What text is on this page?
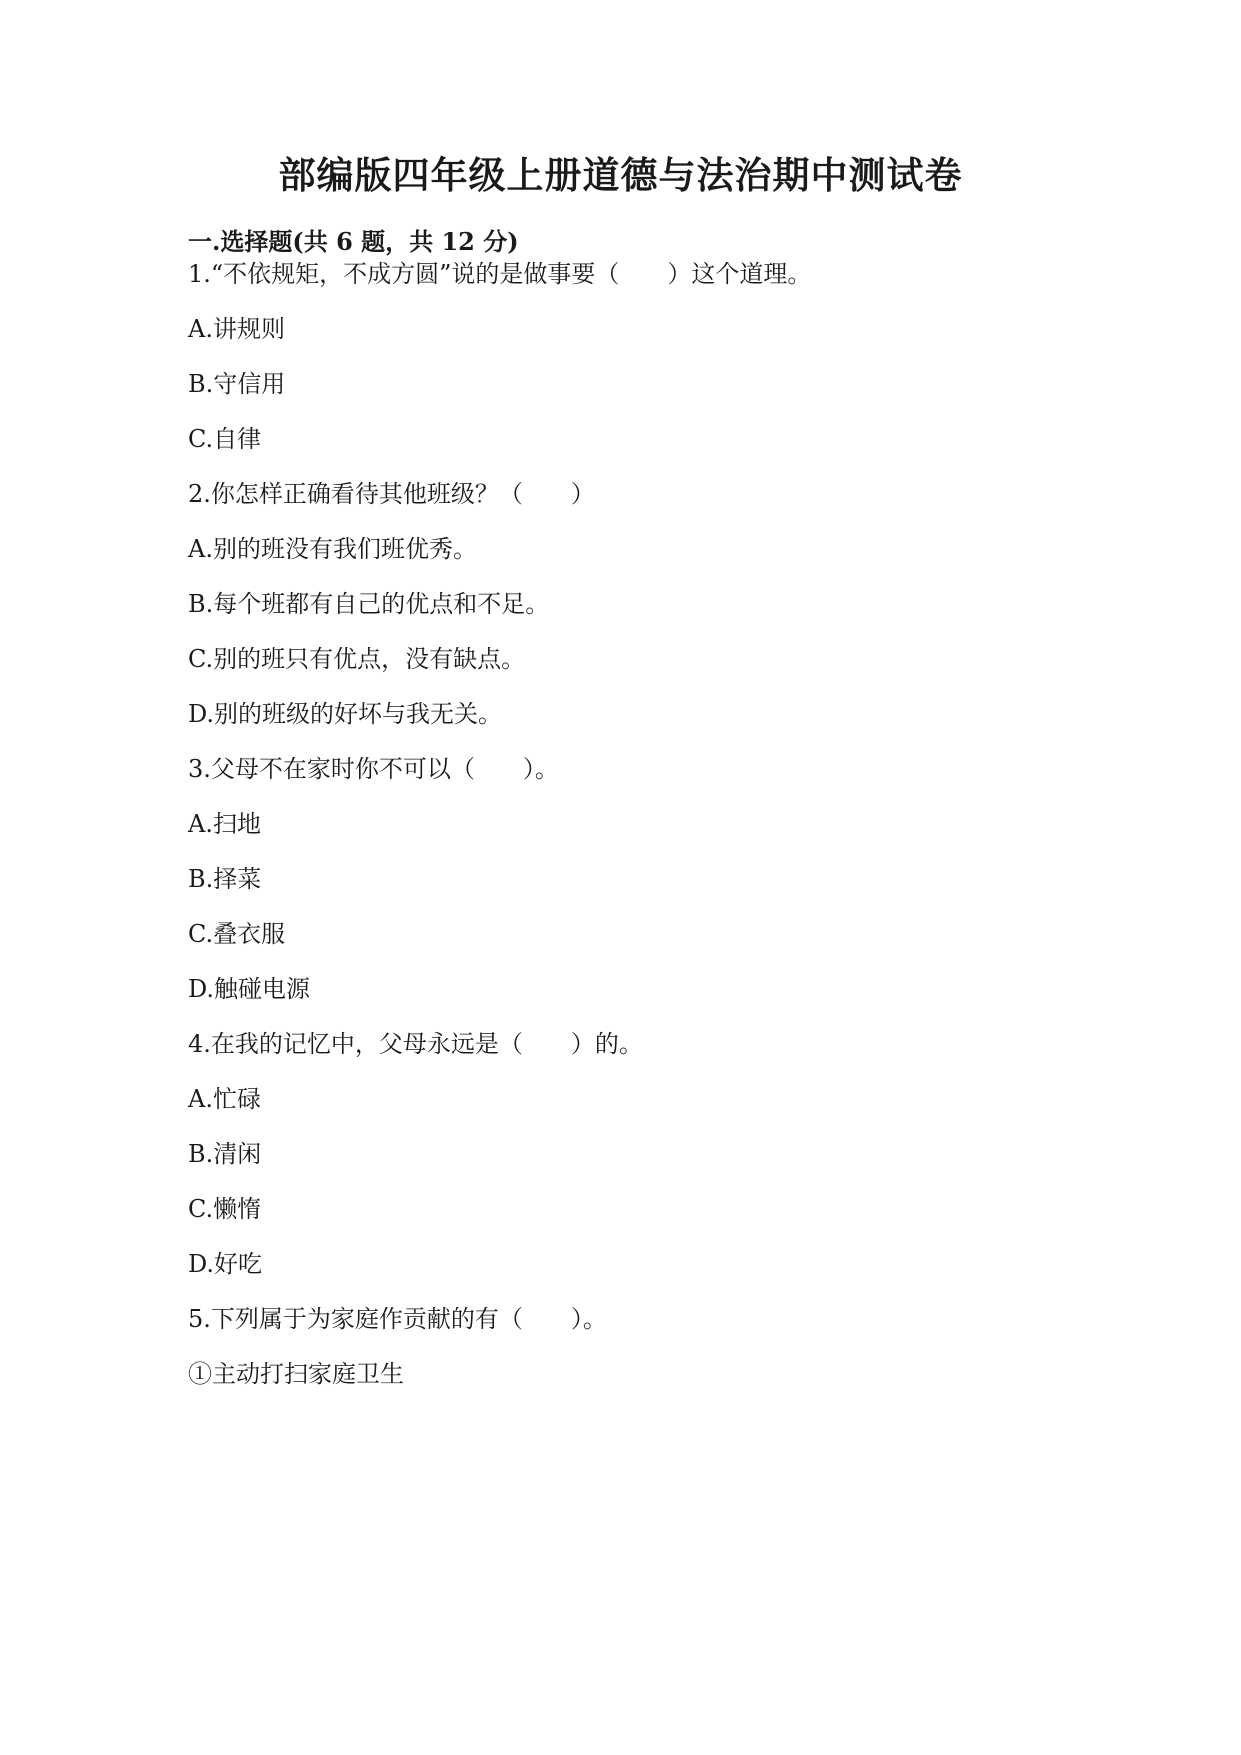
部编版四年级上册道德与法治期中测试卷
一.选择题(共 6 题，共 12 分)

1.“不依规矩，不成方圆”说的是做事要（　　）这个道理。

A.讲规则

B.守信用

C.自律

2.你怎样正确看待其他班级？（　　）

A.别的班没有我们班优秀。

B.每个班都有自己的优点和不足。

C.别的班只有优点，没有缺点。

D.别的班级的好坏与我无关。

3.父母不在家时你不可以（　　）。

A.扫地

B.择菜

C.叠衣服

D.触碰电源

4.在我的记忆中，父母永远是（　　）的。

A.忙碌

B.清闲

C.懒惰

D.好吃

5.下列属于为家庭作贡献的有（　　）。

①主动打扫家庭卫生
